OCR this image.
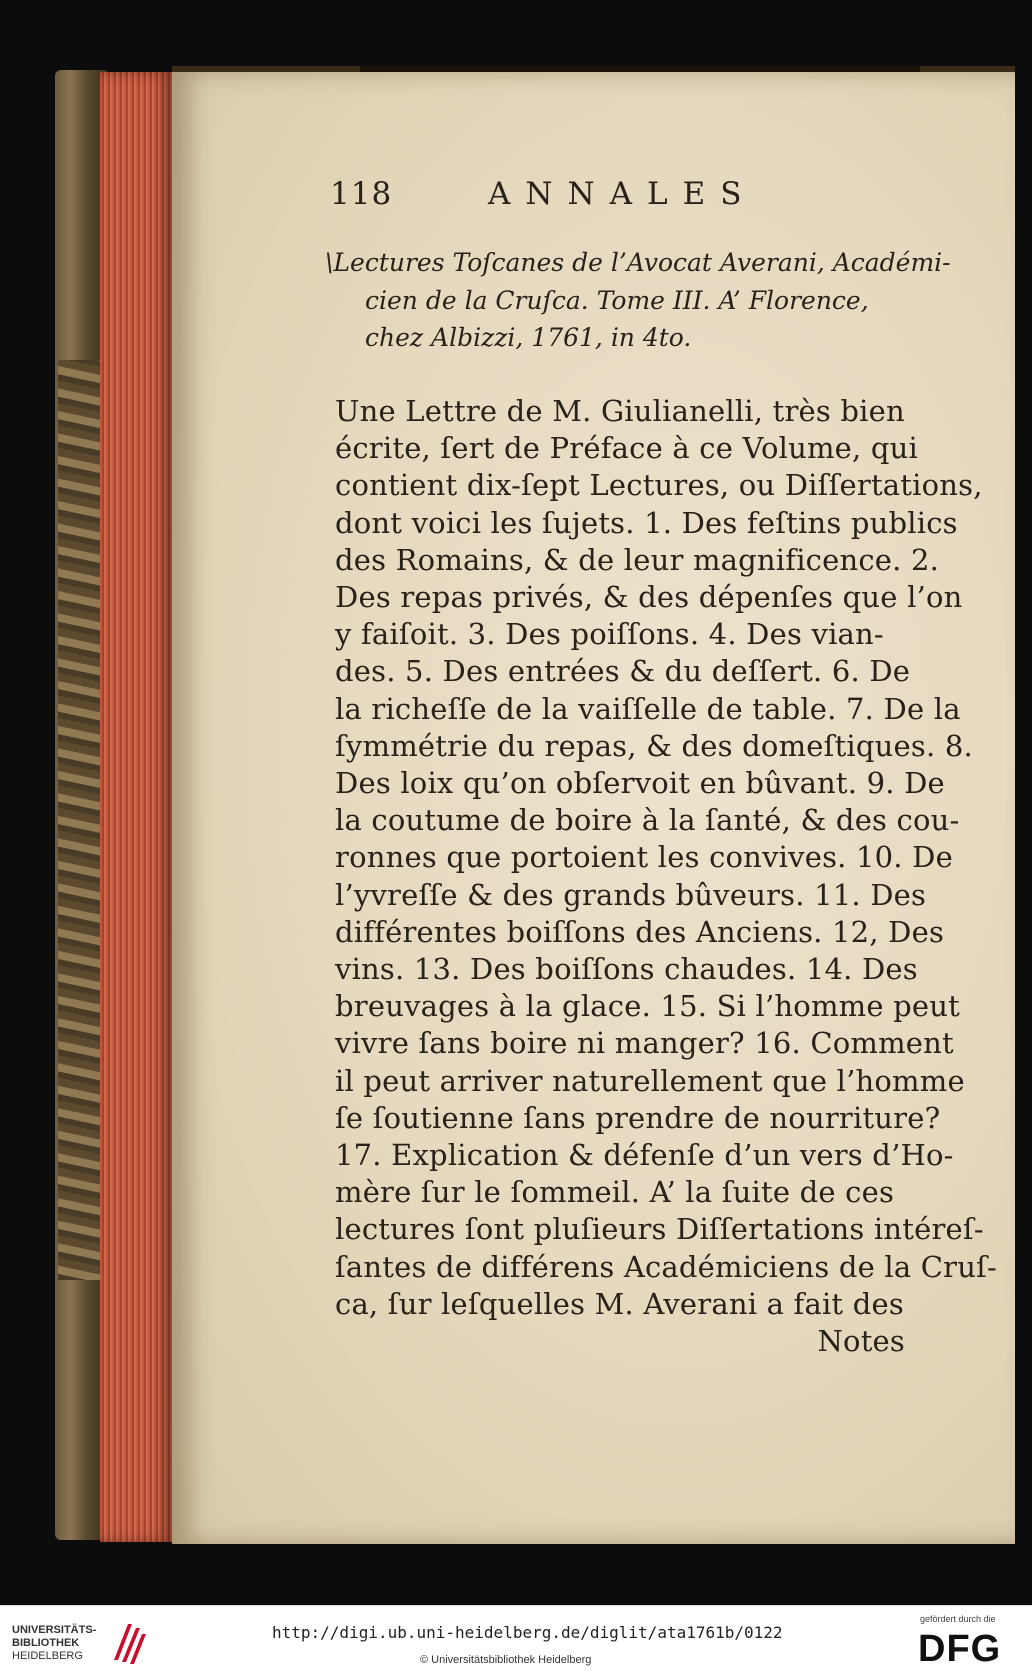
118	ANNALES

\Lectures Toſcanes de l’Avocat Averani, Académi-

cien de la Cruſca. Tome III. A’ Florence,

chez Albizzi, 1761, in 4to.

Une Lettre de M. Giulianelli, très bien

écrite, ſert de Préface à ce Volume, qui

contient dix-ſept Lectures, ou Diſſertations,

dont voici les ſujets. 1. Des feſtins publics

des Romains, & de leur magnificence. 2.

Des repas privés, & des dépenſes que l’on

y faiſoit. 3. Des poiſſons. 4. Des vian-

des. 5. Des entrées & du deſſert. 6. De

la richeſſe de la vaiſſelle de table. 7. De la

ſymmétrie du repas, & des domeſtiques. 8.

Des loix qu’on obſervoit en bûvant. 9. De

la coutume de boire à la ſanté, & des cou-

ronnes que portoient les convives. 10. De

l’yvreſſe & des grands bûveurs. 11. Des

différentes boiſſons des Anciens. 12, Des

vins. 13. Des boiſſons chaudes. 14. Des

breuvages à la glace. 15. Si l’homme peut

vivre ſans boire ni manger? 16. Comment

il peut arriver naturellement que l’homme

ſe ſoutienne ſans prendre de nourriture?

17. Explication & défenſe d’un vers d’Ho-

mère ſur le ſommeil. A’ la ſuite de ces

lectures ſont pluſieurs Diſſertations intéreſ-

ſantes de différens Académiciens de la Cruſ-

ca, ſur leſquelles M. Averani a fait des

Notes

UNIVERSITÄTS-
BIBLIOTHEK
HEIDELBERG
http://digi.ub.uni-heidelberg.de/diglit/ata1761b/0122
© Universitätsbibliothek Heidelberg
gefördert durch die
DFG
